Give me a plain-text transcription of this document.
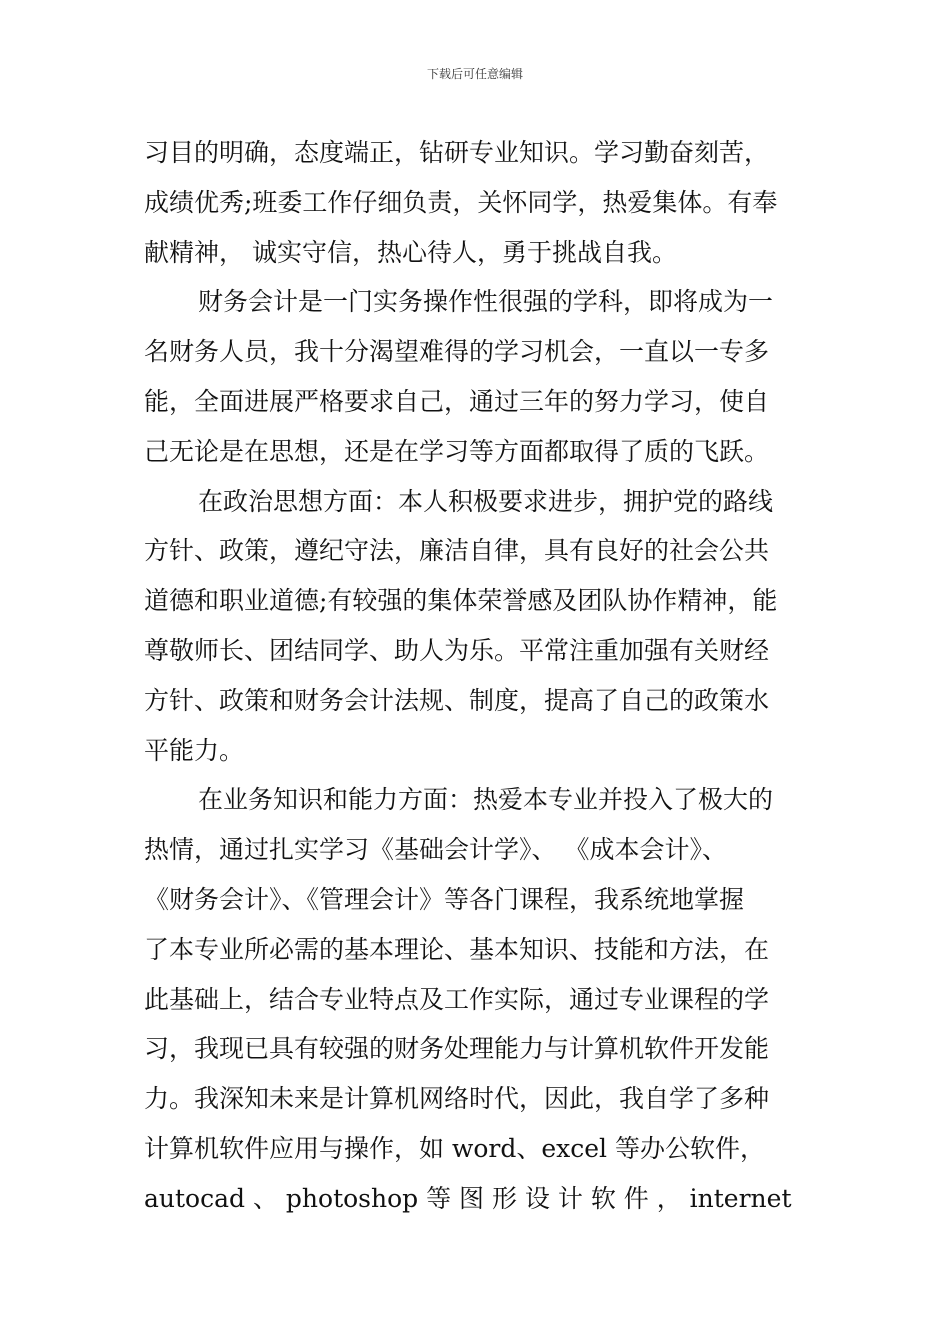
下载后可任意编辑
习目的明确，态度端正，钻研专业知识。学习勤奋刻苦，
成绩优秀;班委工作仔细负责，关怀同学，热爱集体。有奉
献精神， 诚实守信，热心待人，勇于挑战自我。
财务会计是一门实务操作性很强的学科，即将成为一
名财务人员，我十分渴望难得的学习机会，一直以一专多
能，全面进展严格要求自己，通过三年的努力学习，使自
己无论是在思想，还是在学习等方面都取得了质的飞跃。
在政治思想方面：本人积极要求进步，拥护党的路线
方针、政策，遵纪守法，廉洁自律，具有良好的社会公共
道德和职业道德;有较强的集体荣誉感及团队协作精神，能
尊敬师长、团结同学、助人为乐。平常注重加强有关财经
方针、政策和财务会计法规、制度，提高了自己的政策水
平能力。
在业务知识和能力方面：热爱本专业并投入了极大的
热情，通过扎实学习《基础会计学》、 《成本会计》、
《财务会计》、《管理会计》等各门课程，我系统地掌握
了本专业所必需的基本理论、基本知识、技能和方法，在
此基础上，结合专业特点及工作实际，通过专业课程的学
习，我现已具有较强的财务处理能力与计算机软件开发能
力。我深知未来是计算机网络时代，因此，我自学了多种
计算机软件应用与操作，如 word、excel 等办公软件，
autocad 、 photoshop 等 图 形 设 计 软 件 ， internet
